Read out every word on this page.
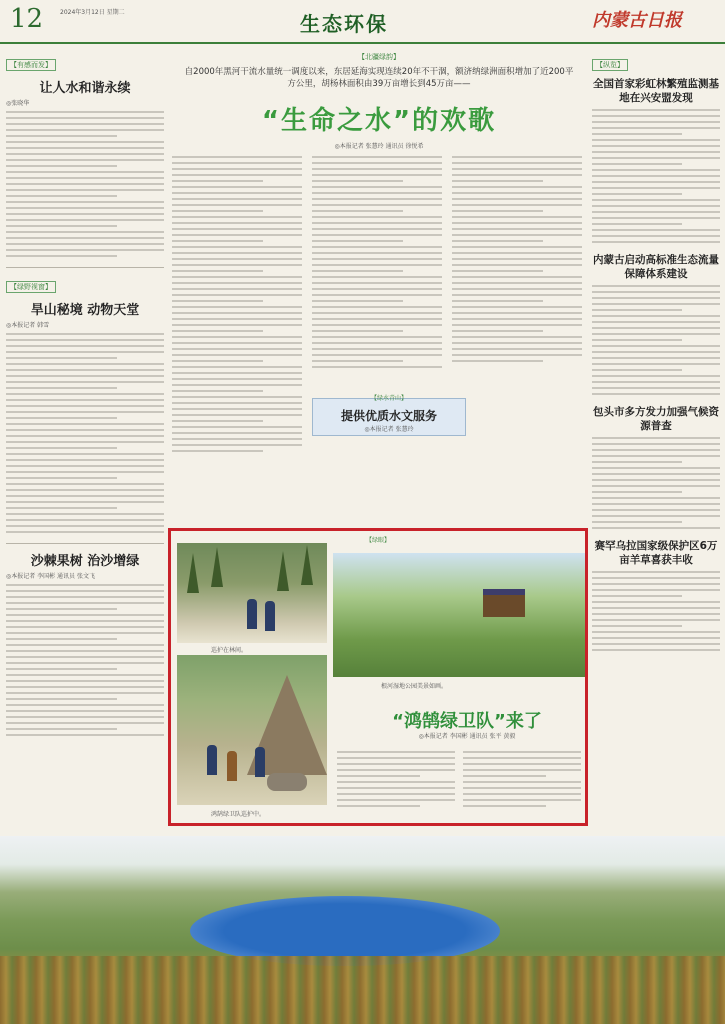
12	2024年3月12日 星期二	生态环保	内蒙古日报
【有感而发】
让人水和谐永续
◎张晓华
【绿野视窗】
旱山秘境 动物天堂
◎本报记者 韩雪
沙棘果树 治沙增绿
◎本报记者 李国彬 通讯员 张文飞
【北疆绿韵】
自2000年黑河干流水量统一调度以来，东居延海实现连续20年不干涸，额济纳绿洲面积增加了近200平方公里，胡杨林面积由39万亩增长到45万亩——
“生命之水”的欢歌
◎本报记者 张慧玲 通讯员 徐悦希
【绿水青山】
提供优质水文服务
◎本报记者 张慧玲
【绿眼】
巡护在林间。
鸿鹄绿卫队巡护中。
根河湿地公园美景如画。
“鸿鹄绿卫队”来了
◎本报记者 李国彬 通讯员 张平 黄毅
【纵览】
全国首家彩虹林繁殖监测基地在兴安盟发现
内蒙古启动高标准生态流量保障体系建设
包头市多方发力加强气候资源普查
赛罕乌拉国家级保护区6万亩羊草喜获丰收
